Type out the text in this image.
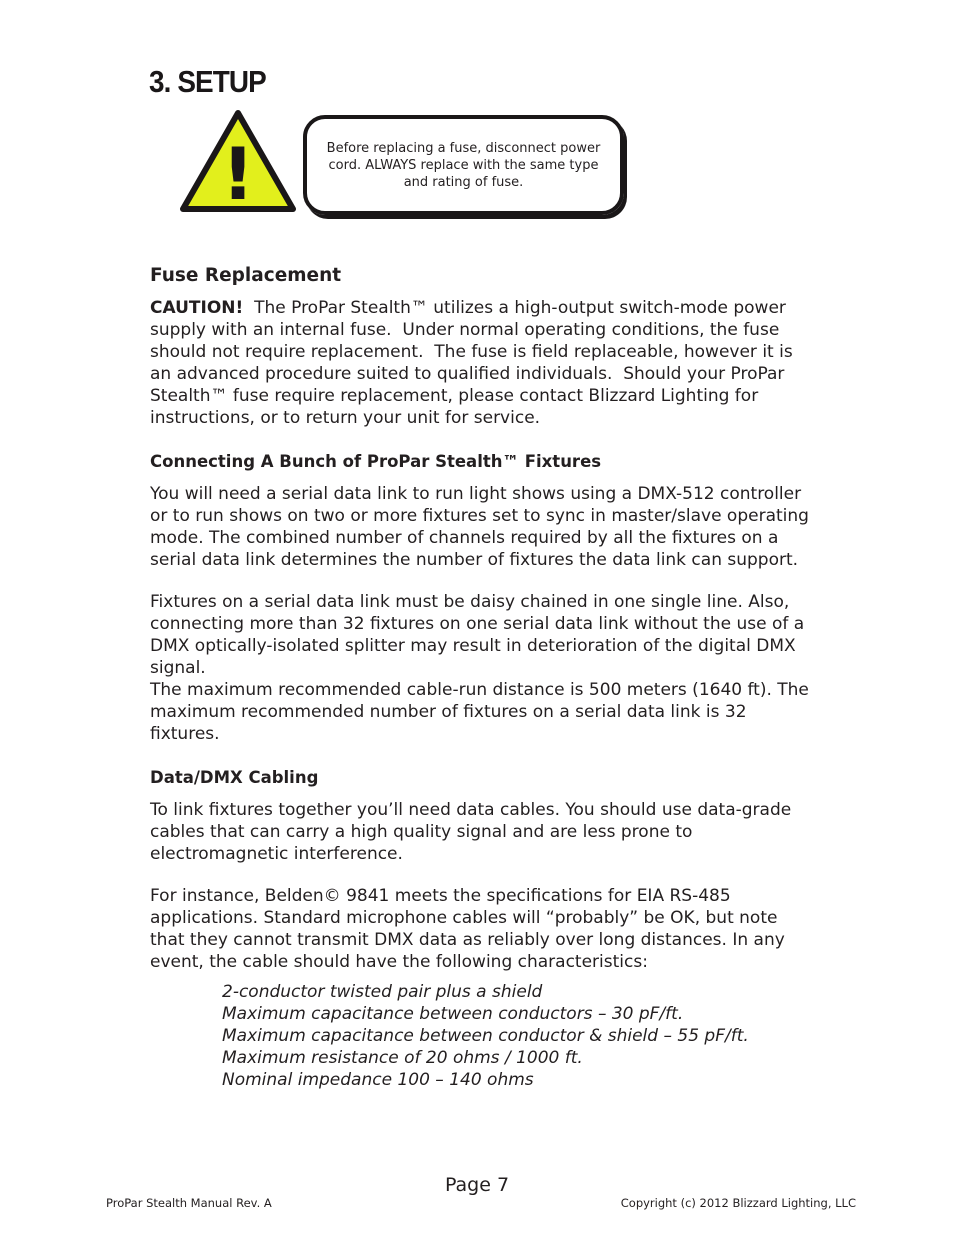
3. SETUP
!	Before replacing a fuse, disconnect power cord. ALWAYS replace with the same type and rating of fuse.
Fuse Replacement

CAUTION!  The ProPar Stealth™ utilizes a high-output switch-mode power supply with an internal fuse.  Under normal operating conditions, the fuse should not require replacement.  The fuse is field replaceable, however it is an advanced procedure suited to qualified individuals.  Should your ProPar Stealth™ fuse require replacement, please contact Blizzard Lighting for instructions, or to return your unit for service.

Connecting A Bunch of ProPar Stealth™ Fixtures

You will need a serial data link to run light shows using a DMX-512 controller or to run shows on two or more fixtures set to sync in master/slave operating mode. The combined number of channels required by all the fixtures on a serial data link determines the number of fixtures the data link can support.

Fixtures on a serial data link must be daisy chained in one single line. Also, connecting more than 32 fixtures on one serial data link without the use of a DMX optically-isolated splitter may result in deterioration of the digital DMX signal.

The maximum recommended cable-run distance is 500 meters (1640 ft). The maximum recommended number of fixtures on a serial data link is 32 fixtures.

Data/DMX Cabling

To link fixtures together you’ll need data cables. You should use data-grade cables that can carry a high quality signal and are less prone to electromagnetic interference.

For instance, Belden© 9841 meets the specifications for EIA RS-485 applications. Standard microphone cables will “probably” be OK, but note that they cannot transmit DMX data as reliably over long distances. In any event, the cable should have the following characteristics:

2-conductor twisted pair plus a shield
Maximum capacitance between conductors – 30 pF/ft.
Maximum capacitance between conductor & shield – 55 pF/ft.
Maximum resistance of 20 ohms / 1000 ft.
Nominal impedance 100 – 140 ohms
Page 7
ProPar Stealth Manual Rev. A	Copyright (c) 2012 Blizzard Lighting, LLC
